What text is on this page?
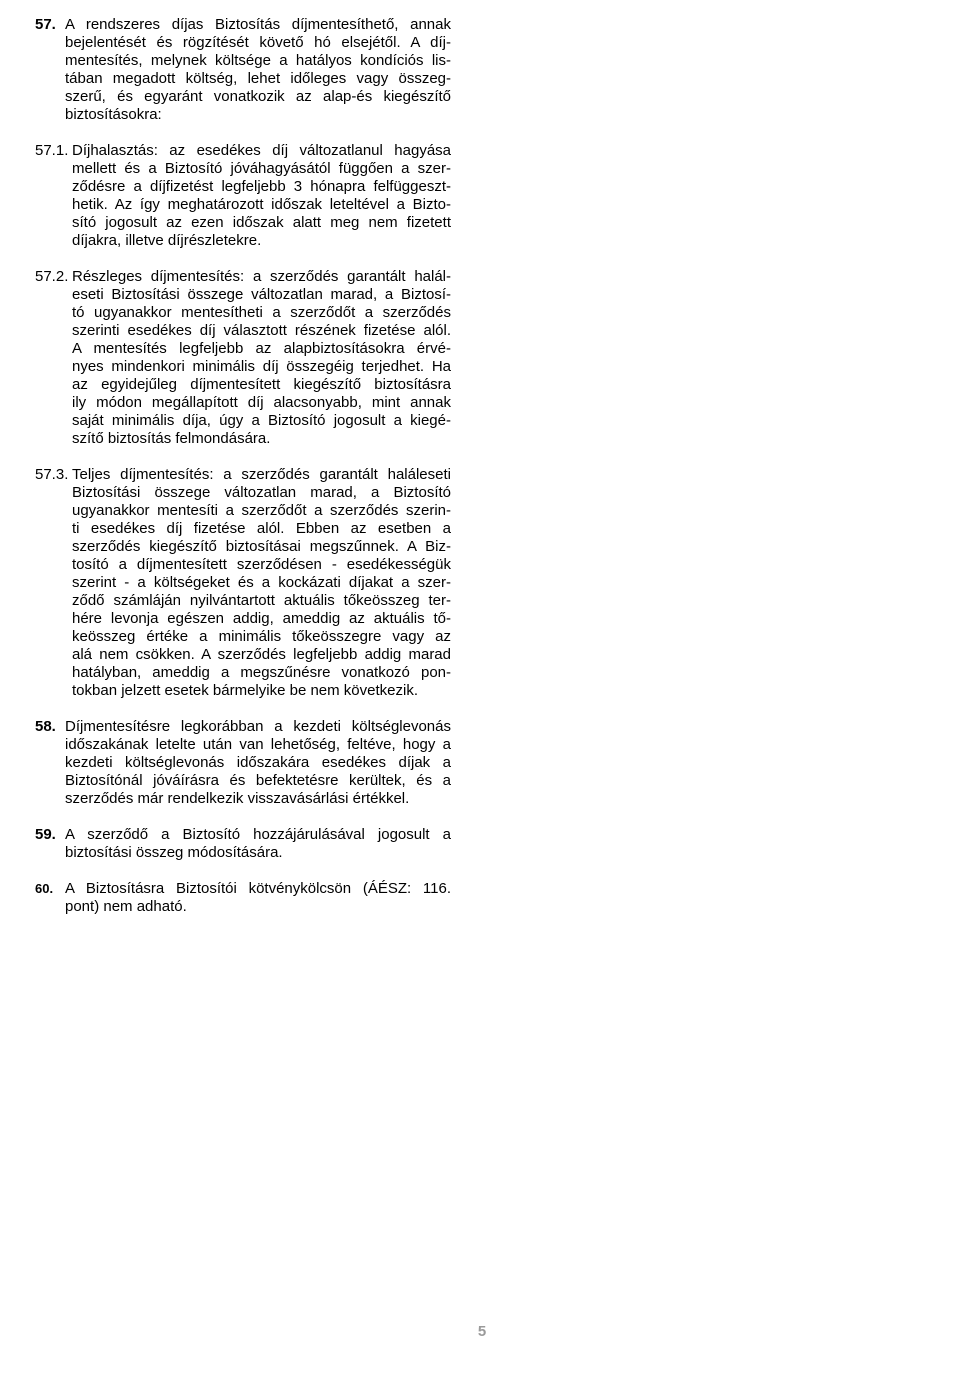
57. A rendszeres díjas Biztosítás díjmentesíthető, annak
bejelentését és rögzítését követő hó elsejétől. A díj-
mentesítés, melynek költsége a hatályos kondíciós lis-
tában megadott költség, lehet időleges vagy összeg-
szerű, és egyaránt vonatkozik az alap-és kiegészítő
biztosításokra:
57.1. Díjhalasztás: az esedékes díj változatlanul hagyása
mellett és a Biztosító jóváhagyásától függően a szer-
ződésre a díjfizetést legfeljebb 3 hónapra felfüggeszt-
hetik. Az így meghatározott időszak leteltével a Bizto-
sító jogosult az ezen időszak alatt meg nem fizetett
díjakra, illetve díjrészletekre.
57.2. Részleges díjmentesítés: a szerződés garantált halál-
eseti Biztosítási összege változatlan marad, a Biztosí-
tó ugyanakkor mentesítheti a szerződőt a szerződés
szerinti esedékes díj választott részének fizetése alól.
A mentesítés legfeljebb az alapbiztosításokra érvé-
nyes mindenkori minimális díj összegéig terjedhet. Ha
az egyidejűleg díjmentesített kiegészítő biztosításra
ily módon megállapított díj alacsonyabb, mint annak
saját minimális díja, úgy a Biztosító jogosult a kiegé-
szítő biztosítás felmondására.
57.3. Teljes díjmentesítés: a szerződés garantált haláleseti
Biztosítási összege változatlan marad, a Biztosító
ugyanakkor mentesíti a szerződőt a szerződés szerin-
ti esedékes díj fizetése alól. Ebben az esetben a
szerződés kiegészítő biztosításai megszűnnek. A Biz-
tosító a díjmentesített szerződésen - esedékességük
szerint - a költségeket és a kockázati díjakat a szer-
ződő számláján nyilvántartott aktuális tőkeösszeg ter-
hére levonja egészen addig, ameddig az aktuális tő-
keösszeg értéke a minimális tőkeösszegre vagy az
alá nem csökken. A szerződés legfeljebb addig marad
hatályban, ameddig a megszűnésre vonatkozó pon-
tokban jelzett esetek bármelyike be nem következik.
58. Díjmentesítésre legkorábban a kezdeti költséglevonás
időszakának letelte után van lehetőség, feltéve, hogy a
kezdeti költséglevonás időszakára esedékes díjak a
Biztosítónál jóváírásra és befektetésre kerültek, és a
szerződés már rendelkezik visszavásárlási értékkel.
59. A szerződő a Biztosító hozzájárulásával jogosult a
biztosítási összeg módosítására.
60. A Biztosításra Biztosítói kötvénykölcsön (ÁÉSZ: 116.
pont) nem adható.
5
